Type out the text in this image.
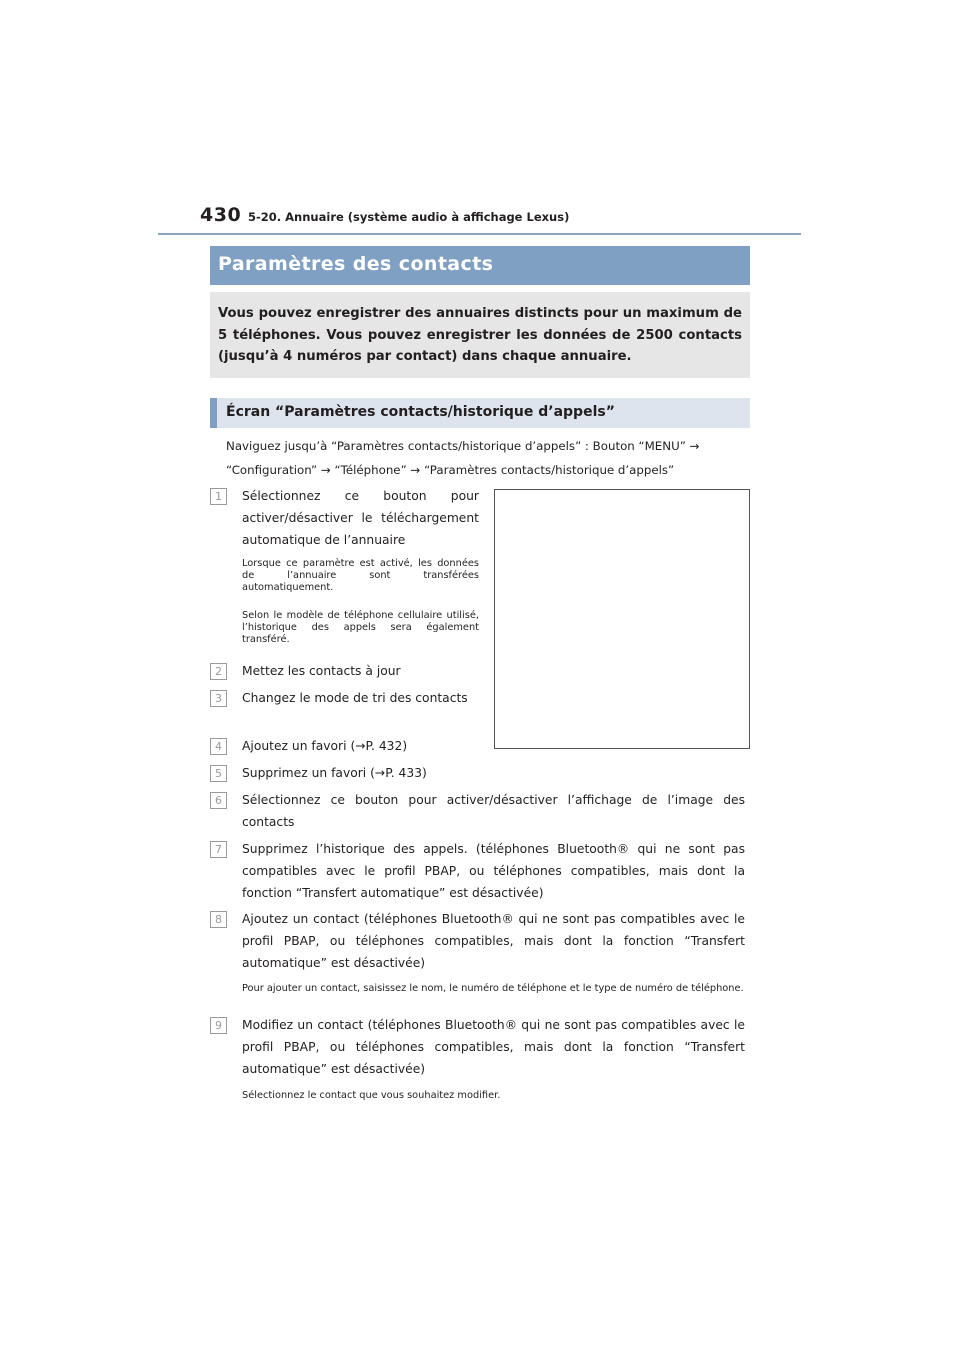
430 5-20. Annuaire (système audio à affichage Lexus)
Paramètres des contacts
Vous pouvez enregistrer des annuaires distincts pour un maximum de 5 téléphones. Vous pouvez enregistrer les données de 2500 contacts (jusqu’à 4 numéros par contact) dans chaque annuaire.
Écran “Paramètres contacts/historique d’appels”
Naviguez jusqu’à “Paramètres contacts/historique d’appels” : Bouton “MENU” → “Configuration” → “Téléphone” → “Paramètres contacts/historique d’appels”
1	Sélectionnez ce bouton pour activer/désactiver le téléchargement automatique de l’annuaire
Lorsque ce paramètre est activé, les données de l’annuaire sont transférées automatiquement.
Selon le modèle de téléphone cellulaire utilisé, l’historique des appels sera également transféré.
2	Mettez les contacts à jour
3	Changez le mode de tri des contacts
4	Ajoutez un favori (→P. 432)
5	Supprimez un favori (→P. 433)
6	Sélectionnez ce bouton pour activer/désactiver l’affichage de l’image des contacts
7	Supprimez l’historique des appels. (téléphones Bluetooth® qui ne sont pas compatibles avec le profil PBAP, ou téléphones compatibles, mais dont la fonction “Transfert automatique” est désactivée)
8	Ajoutez un contact (téléphones Bluetooth® qui ne sont pas compatibles avec le profil PBAP, ou téléphones compatibles, mais dont la fonction “Transfert automatique” est désactivée)
Pour ajouter un contact, saisissez le nom, le numéro de téléphone et le type de numéro de téléphone.
9	Modifiez un contact (téléphones Bluetooth® qui ne sont pas compatibles avec le profil PBAP, ou téléphones compatibles, mais dont la fonction “Transfert automatique” est désactivée)
Sélectionnez le contact que vous souhaitez modifier.
